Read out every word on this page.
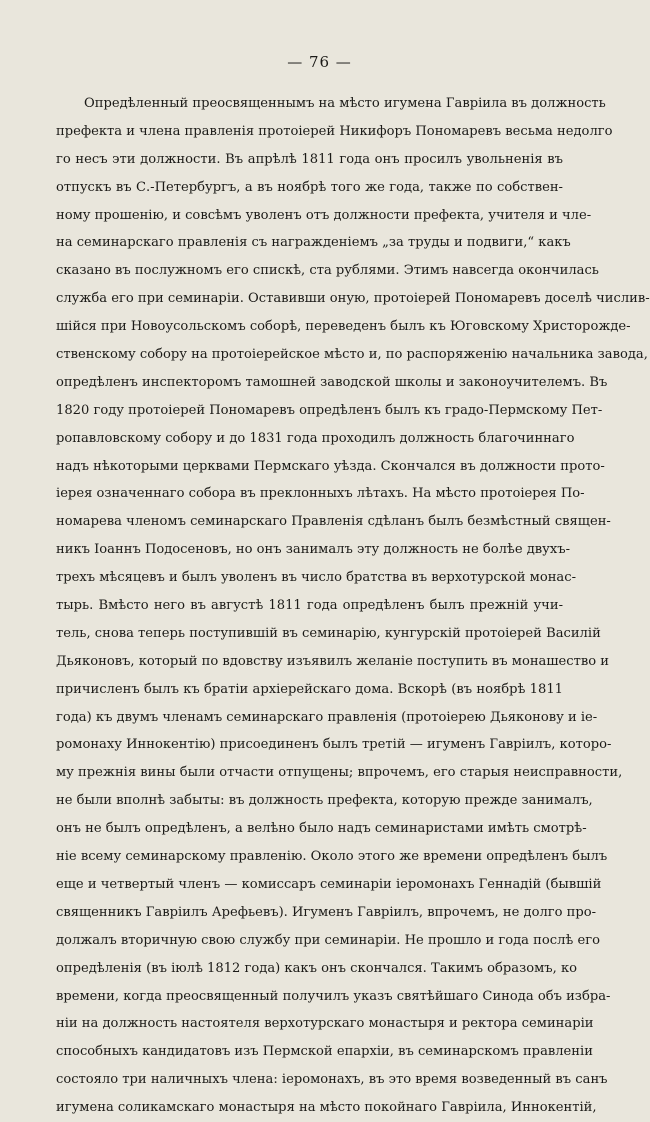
— 76 —
Опредѣленный преосвященнымъ на мѣсто игумена Гавріила въ должность
префекта и члена правленія протоіерей Никифоръ Пономаревъ весьма недолго
го несъ эти должности. Въ апрѣлѣ 1811 года онъ просилъ увольненія въ
отпускъ въ С.-Петербургъ, а въ ноябрѣ того же года, также по собствен-
ному прошенію, и совсѣмъ уволенъ отъ должности префекта, учителя и чле-
на семинарскаго правленія съ награжденіемъ „за труды и подвиги,“ какъ
сказано въ послужномъ его спискѣ, ста рублями. Этимъ навсегда окончилась
служба его при семинаріи. Оставивши оную, протоіерей Пономаревъ доселѣ числив-
шійся при Новоусольскомъ соборѣ, переведенъ былъ къ Юговскому Христорожде-
ственскому собору на протоіерейское мѣсто и, по распоряженію начальника завода,
опредѣленъ инспекторомъ тамошней заводской школы и законоучителемъ. Въ
1820 году протоіерей Пономаревъ опредѣленъ былъ къ градо-Пермскому Пет-
ропавловскому собору и до 1831 года проходилъ должность благочиннаго
надъ нѣкоторыми церквами Пермскаго уѣзда. Скончался въ должности прото-
іерея означеннаго собора въ преклонныхъ лѣтахъ. На мѣсто протоіерея По-
номарева членомъ семинарскаго Правленія сдѣланъ былъ безмѣстный священ-
никъ Іоаннъ Подосеновъ, но онъ занималъ эту должность не болѣе двухъ-
трехъ мѣсяцевъ и былъ уволенъ въ число братства въ верхотурской монас-
тырь. Вмѣсто него въ августѣ 1811 года опредѣленъ былъ прежній учи-
тель, снова теперь поступившій въ семинарію, кунгурскій протоіерей Василій
Дьяконовъ, который по вдовству изъявилъ желаніе поступить въ монашество и
причисленъ былъ къ братіи архіерейскаго дома. Вскорѣ (въ ноябрѣ 1811
года) къ двумъ членамъ семинарскаго правленія (протоіерею Дьяконову и іе-
ромонаху Иннокентію) присоединенъ былъ третій — игуменъ Гавріилъ, которо-
му прежнія вины были отчасти отпущены; впрочемъ, его старыя неисправности,
не были вполнѣ забыты: въ должность префекта, которую прежде занималъ,
онъ не былъ опредѣленъ, а велѣно было надъ семинаристами имѣть смотрѣ-
ніе всему семинарскому правленію. Около этого же времени опредѣленъ былъ
еще и четвертый членъ — комиссаръ семинаріи іеромонахъ Геннадій (бывшій
священникъ Гавріилъ Арефьевъ). Игуменъ Гавріилъ, впрочемъ, не долго про-
должалъ вторичную свою службу при семинаріи. Не прошло и года послѣ его
опредѣленія (въ іюлѣ 1812 года) какъ онъ скончался. Такимъ образомъ, ко
времени, когда преосвященный получилъ указъ святѣйшаго Синода объ избра-
ніи на должность настоятеля верхотурскаго монастыря и ректора семинаріи
способныхъ кандидатовъ изъ Пермской епархіи, въ семинарскомъ правленіи
состояло три наличныхъ члена: іеромонахъ, въ это время возведенный въ санъ
игумена соликамскаго монастыря на мѣсто покойнаго Гавріила, Иннокентій,
